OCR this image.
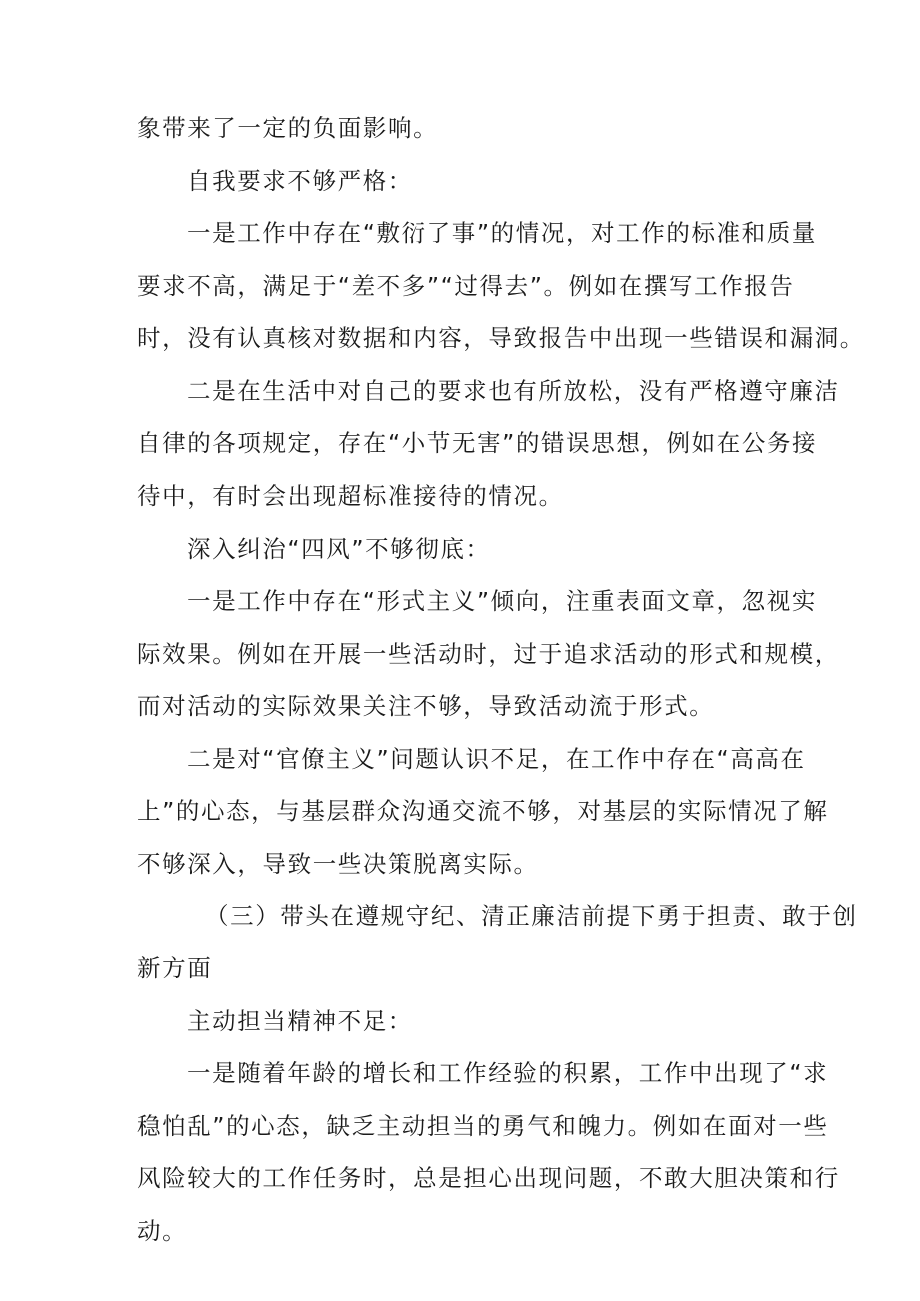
象带来了一定的负面影响。
自我要求不够严格：
一是工作中存在“敷衍了事”的情况，对工作的标准和质量
要求不高，满足于“差不多”“过得去”。例如在撰写工作报告
时，没有认真核对数据和内容，导致报告中出现一些错误和漏洞。
二是在生活中对自己的要求也有所放松，没有严格遵守廉洁
自律的各项规定，存在“小节无害”的错误思想，例如在公务接
待中，有时会出现超标准接待的情况。
深入纠治“四风”不够彻底：
一是工作中存在“形式主义”倾向，注重表面文章，忽视实
际效果。例如在开展一些活动时，过于追求活动的形式和规模，
而对活动的实际效果关注不够，导致活动流于形式。
二是对“官僚主义”问题认识不足，在工作中存在“高高在
上”的心态，与基层群众沟通交流不够，对基层的实际情况了解
不够深入，导致一些决策脱离实际。
（三）带头在遵规守纪、清正廉洁前提下勇于担责、敢于创
新方面
主动担当精神不足：
一是随着年龄的增长和工作经验的积累，工作中出现了“求
稳怕乱”的心态，缺乏主动担当的勇气和魄力。例如在面对一些
风险较大的工作任务时，总是担心出现问题，不敢大胆决策和行
动。
